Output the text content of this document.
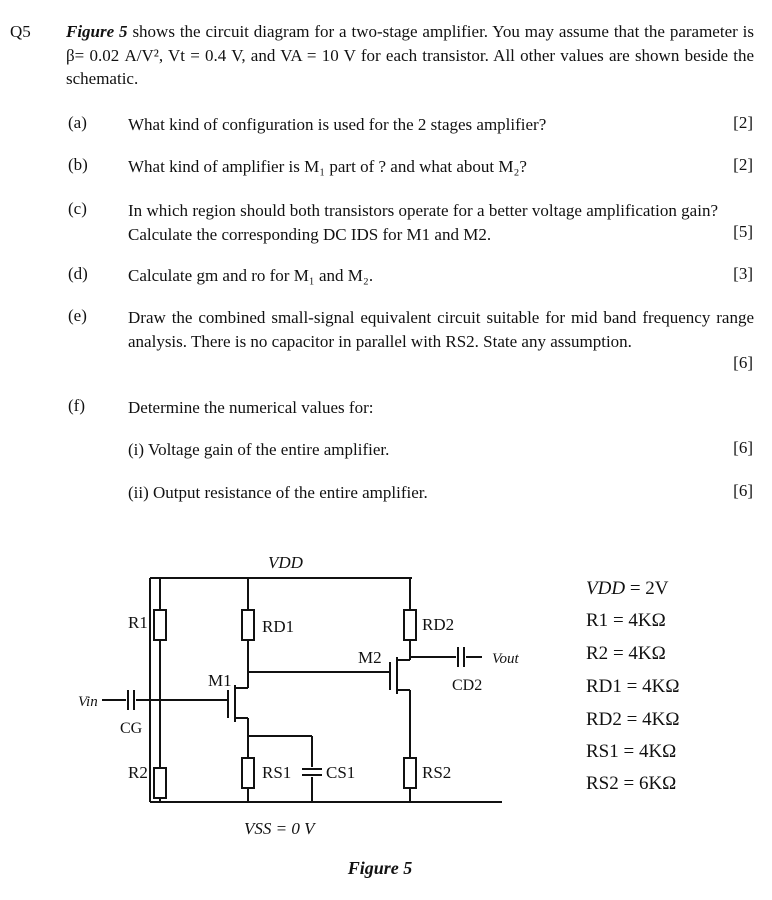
Q5 Figure 5 shows the circuit diagram for a two-stage amplifier. You may assume that the parameter is β= 0.02 A/V², Vt = 0.4 V, and VA = 10 V for each transistor. All other values are shown beside the schematic.
(a) What kind of configuration is used for the 2 stages amplifier?	[2]
(b) What kind of amplifier is M₁ part of ? and what about M₂?	[2]
(c) In which region should both transistors operate for a better voltage amplification gain? Calculate the corresponding DC IDS for M1 and M2.	[5]
(d) Calculate gm and ro for M₁ and M₂.	[3]
(e) Draw the combined small-signal equivalent circuit suitable for mid band frequency range analysis. There is no capacitor in parallel with RS2. State any assumption.
[6]
(f)	Determine the numerical values for:
(i) Voltage gain of the entire amplifier.	[6]
(ii) Output resistance of the entire amplifier.	[6]
VDD
Vin
Vout
R1
R2
CG
RD1	RD2
RS1 CS1	RS2
CD2
M1
M2
VSS = 0 V
VDD = 2V
R1 = 4KΩ
R2 = 4KΩ
RD1 = 4KΩ
RD2 = 4KΩ
RS1 = 4KΩ
RS2 = 6KΩ
Figure 5
